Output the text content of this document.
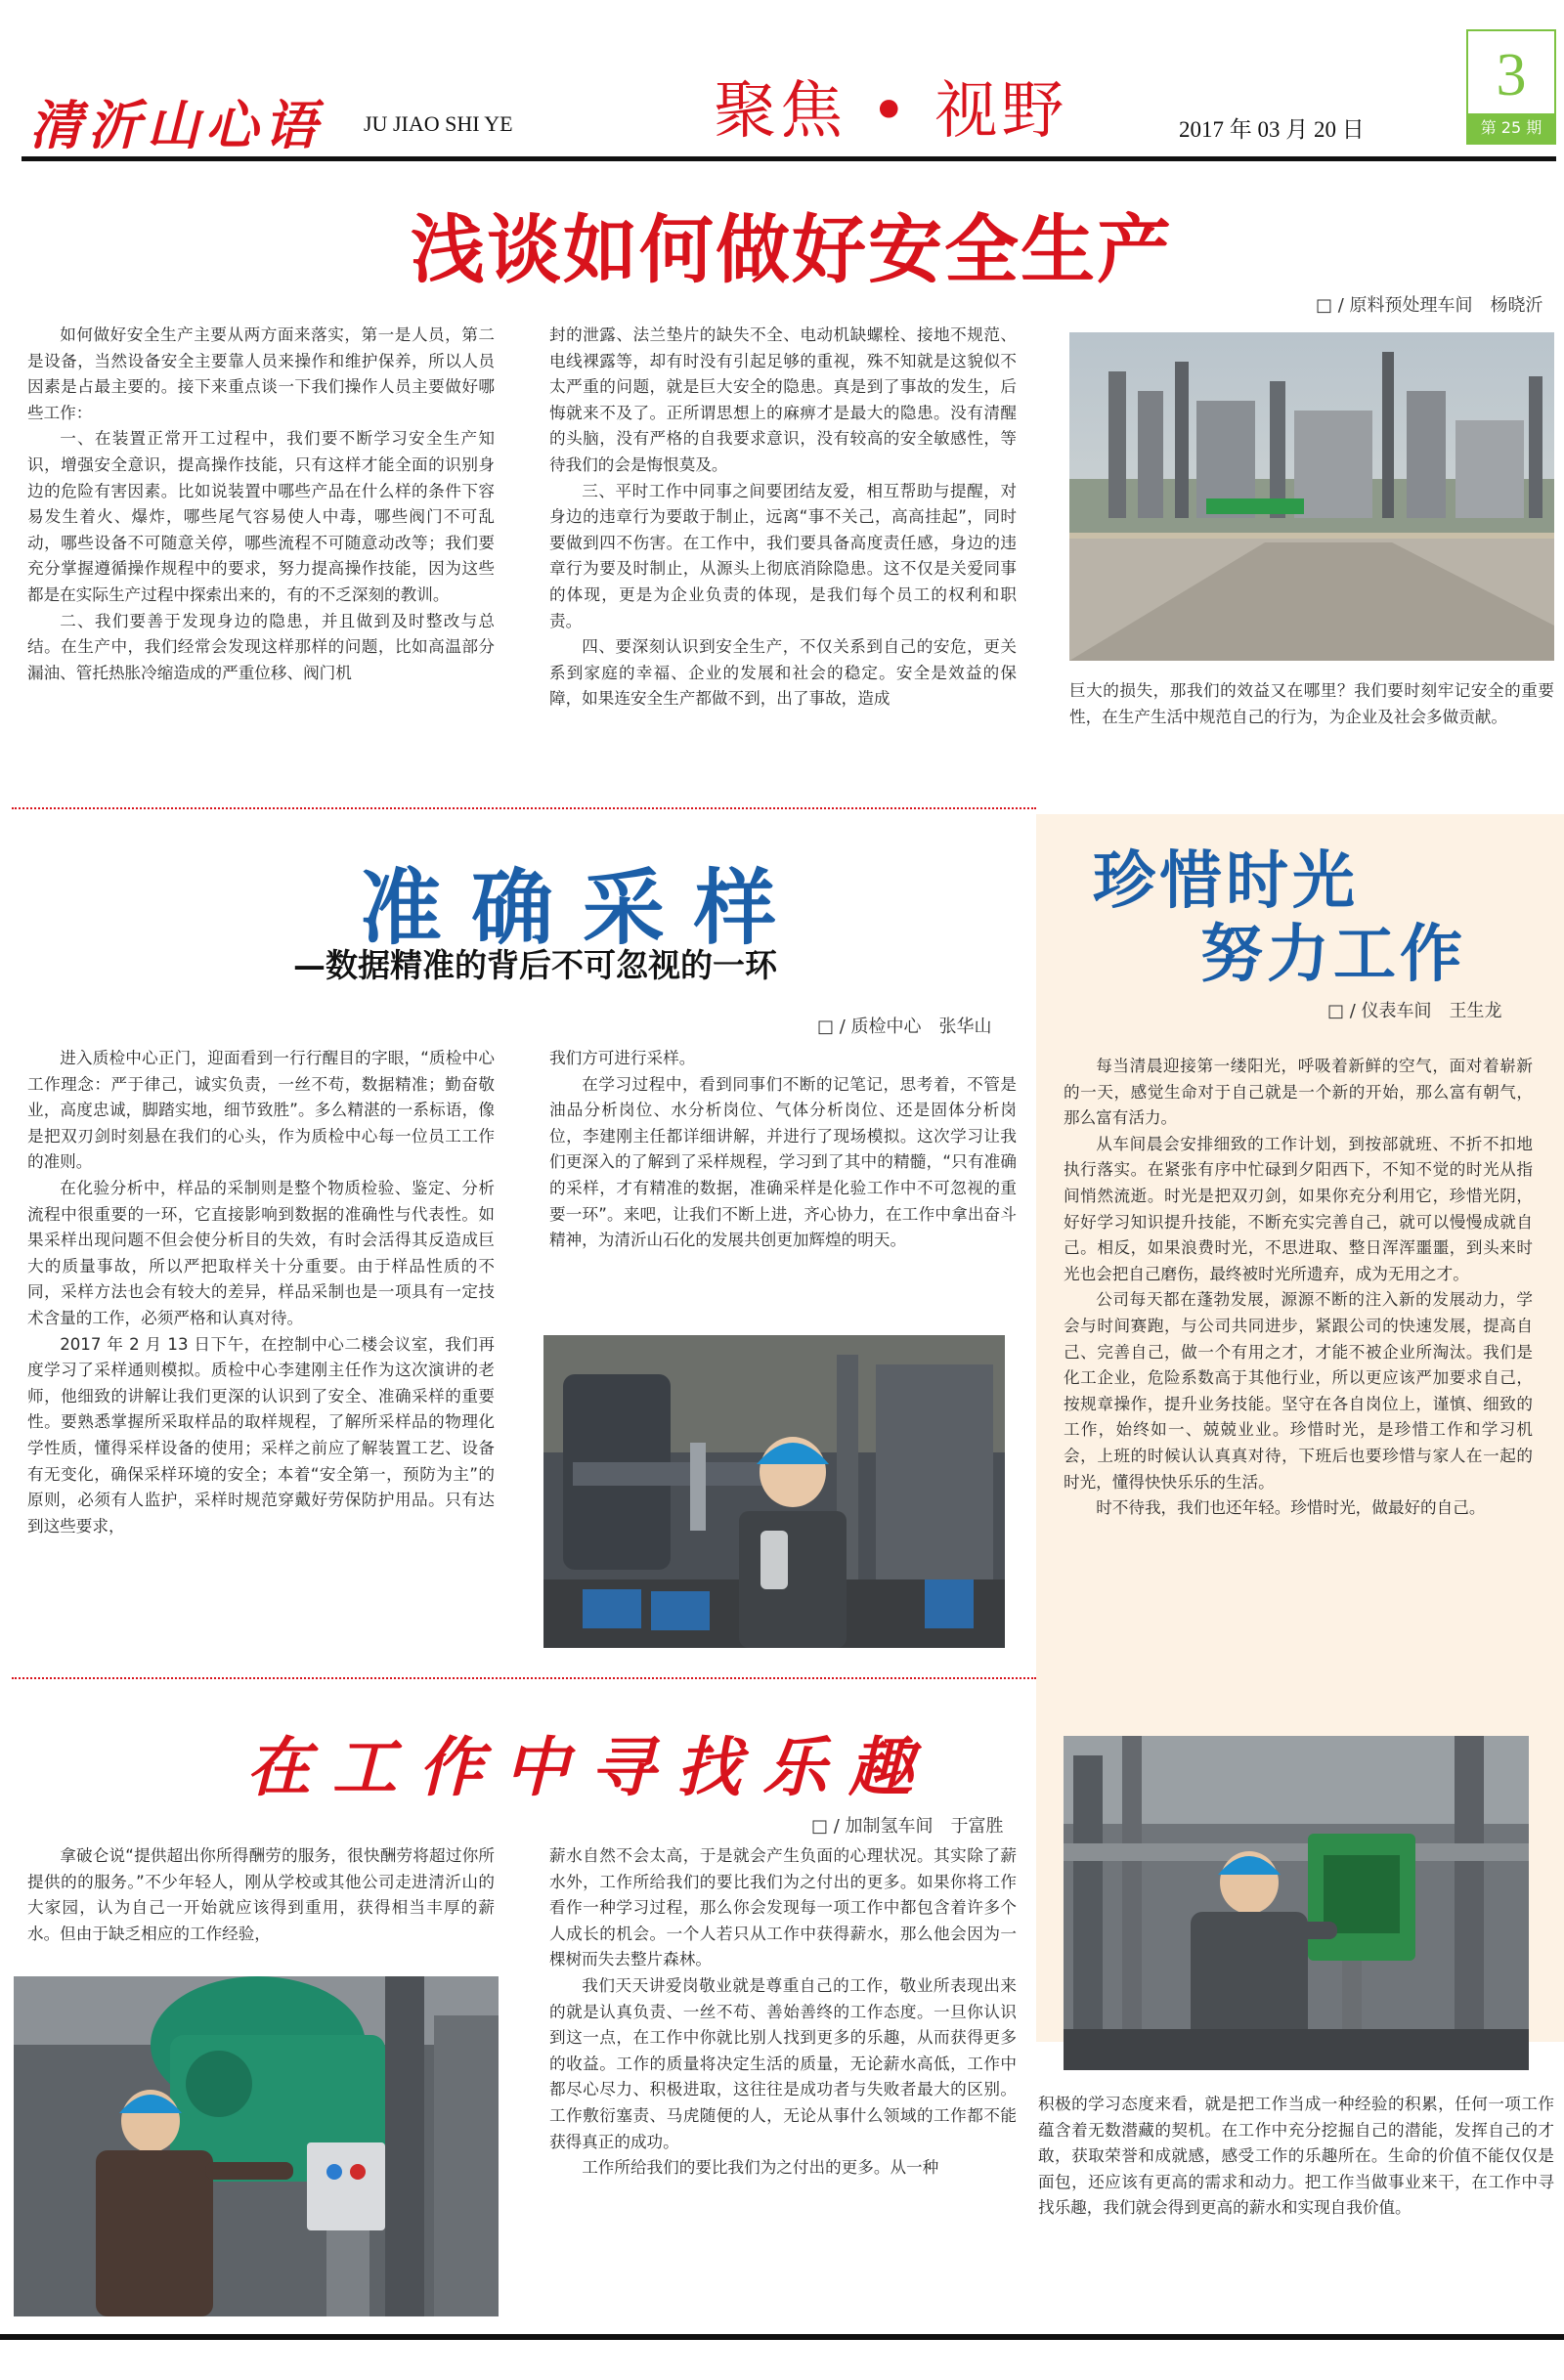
清沂山心语 JU JIAO SHI YE	聚焦 • 视野	2017 年 03 月 20 日
3
第 25 期
浅谈如何做好安全生产
□ / 原料预处理车间　杨晓沂

如何做好安全生产主要从两方面来落实，第一是人员，第二是设备，当然设备安全主要靠人员来操作和维护保养，所以人员因素是占最主要的。接下来重点谈一下我们操作人员主要做好哪些工作：

一、在装置正常开工过程中，我们要不断学习安全生产知识，增强安全意识，提高操作技能，只有这样才能全面的识别身边的危险有害因素。比如说装置中哪些产品在什么样的条件下容易发生着火、爆炸，哪些尾气容易使人中毒，哪些阀门不可乱动，哪些设备不可随意关停，哪些流程不可随意动改等；我们要充分掌握遵循操作规程中的要求，努力提高操作技能，因为这些都是在实际生产过程中探索出来的，有的不乏深刻的教训。

二、我们要善于发现身边的隐患，并且做到及时整改与总结。在生产中，我们经常会发现这样那样的问题，比如高温部分漏油、管托热胀冷缩造成的严重位移、阀门机

封的泄露、法兰垫片的缺失不全、电动机缺螺栓、接地不规范、电线裸露等，却有时没有引起足够的重视，殊不知就是这貌似不太严重的问题，就是巨大安全的隐患。真是到了事故的发生，后悔就来不及了。正所谓思想上的麻痹才是最大的隐患。没有清醒的头脑，没有严格的自我要求意识，没有较高的安全敏感性，等待我们的会是悔恨莫及。

三、平时工作中同事之间要团结友爱，相互帮助与提醒，对身边的违章行为要敢于制止，远离“事不关己，高高挂起”，同时要做到四不伤害。在工作中，我们要具备高度责任感，身边的违章行为要及时制止，从源头上彻底消除隐患。这不仅是关爱同事的体现，更是为企业负责的体现，是我们每个员工的权利和职责。

四、要深刻认识到安全生产，不仅关系到自己的安危，更关系到家庭的幸福、企业的发展和社会的稳定。安全是效益的保障，如果连安全生产都做不到，出了事故，造成	巨大的损失，那我们的效益又在哪里？我们要时刻牢记安全的重要性，在生产生活中规范自己的行为，为企业及社会多做贡献。

准确采样
—数据精准的背后不可忽视的一环
□ / 质检中心　张华山

进入质检中心正门，迎面看到一行行醒目的字眼，“质检中心工作理念：严于律己，诚实负责，一丝不苟，数据精准；勤奋敬业，高度忠诚，脚踏实地，细节致胜”。多么精湛的一系标语，像是把双刃剑时刻悬在我们的心头，作为质检中心每一位员工工作的准则。

在化验分析中，样品的采制则是整个物质检验、鉴定、分析流程中很重要的一环，它直接影响到数据的准确性与代表性。如果采样出现问题不但会使分析目的失效，有时会活得其反造成巨大的质量事故，所以严把取样关十分重要。由于样品性质的不同，采样方法也会有较大的差异，样品采制也是一项具有一定技术含量的工作，必须严格和认真对待。

2017 年 2 月 13 日下午，在控制中心二楼会议室，我们再度学习了采样通则模拟。质检中心李建刚主任作为这次演讲的老师，他细致的讲解让我们更深的认识到了安全、准确采样的重要性。要熟悉掌握所采取样品的取样规程，了解所采样品的物理化学性质，懂得采样设备的使用；采样之前应了解装置工艺、设备有无变化，确保采样环境的安全；本着“安全第一，预防为主”的原则，必须有人监护，采样时规范穿戴好劳保防护用品。只有达到这些要求，

我们方可进行采样。

在学习过程中，看到同事们不断的记笔记，思考着，不管是油品分析岗位、水分析岗位、气体分析岗位、还是固体分析岗位，李建刚主任都详细讲解，并进行了现场模拟。这次学习让我们更深入的了解到了采样规程，学习到了其中的精髓，“只有准确的采样，才有精准的数据，准确采样是化验工作中不可忽视的重要一环”。来吧，让我们不断上进，齐心协力，在工作中拿出奋斗精神，为清沂山石化的发展共创更加辉煌的明天。

珍惜时光
努力工作
□ / 仪表车间　王生龙

每当清晨迎接第一缕阳光，呼吸着新鲜的空气，面对着崭新的一天，感觉生命对于自己就是一个新的开始，那么富有朝气，那么富有活力。

从车间晨会安排细致的工作计划，到按部就班、不折不扣地执行落实。在紧张有序中忙碌到夕阳西下，不知不觉的时光从指间悄然流逝。时光是把双刃剑，如果你充分利用它，珍惜光阴，好好学习知识提升技能，不断充实完善自己，就可以慢慢成就自己。相反，如果浪费时光，不思进取、整日浑浑噩噩，到头来时光也会把自己磨伤，最终被时光所遗弃，成为无用之才。

公司每天都在蓬勃发展，源源不断的注入新的发展动力，学会与时间赛跑，与公司共同进步，紧跟公司的快速发展，提高自己、完善自己，做一个有用之才，才能不被企业所淘汰。我们是化工企业，危险系数高于其他行业，所以更应该严加要求自己，按规章操作，提升业务技能。坚守在各自岗位上，谨慎、细致的工作，始终如一、兢兢业业。珍惜时光，是珍惜工作和学习机会，上班的时候认认真真对待，下班后也要珍惜与家人在一起的时光，懂得快快乐乐的生活。

时不待我，我们也还年轻。珍惜时光，做最好的自己。

在工作中寻找乐趣
□ / 加制氢车间　于富胜

拿破仑说“提供超出你所得酬劳的服务，很快酬劳将超过你所提供的的服务。”不少年轻人，刚从学校或其他公司走进清沂山的大家园，认为自己一开始就应该得到重用，获得相当丰厚的薪水。但由于缺乏相应的工作经验，

薪水自然不会太高，于是就会产生负面的心理状况。其实除了薪水外，工作所给我们的要比我们为之付出的更多。如果你将工作看作一种学习过程，那么你会发现每一项工作中都包含着许多个人成长的机会。一个人若只从工作中获得薪水，那么他会因为一棵树而失去整片森林。

我们天天讲爱岗敬业就是尊重自己的工作，敬业所表现出来的就是认真负责、一丝不苟、善始善终的工作态度。一旦你认识到这一点，在工作中你就比别人找到更多的乐趣，从而获得更多的收益。工作的质量将决定生活的质量，无论薪水高低，工作中都尽心尽力、积极进取，这往往是成功者与失败者最大的区别。工作敷衍塞责、马虎随便的人，无论从事什么领域的工作都不能获得真正的成功。

工作所给我们的要比我们为之付出的更多。从一种

积极的学习态度来看，就是把工作当成一种经验的积累，任何一项工作蕴含着无数潜藏的契机。在工作中充分挖掘自己的潜能，发挥自己的才敢，获取荣誉和成就感，感受工作的乐趣所在。生命的价值不能仅仅是面包，还应该有更高的需求和动力。把工作当做事业来干，在工作中寻找乐趣，我们就会得到更高的薪水和实现自我价值。
